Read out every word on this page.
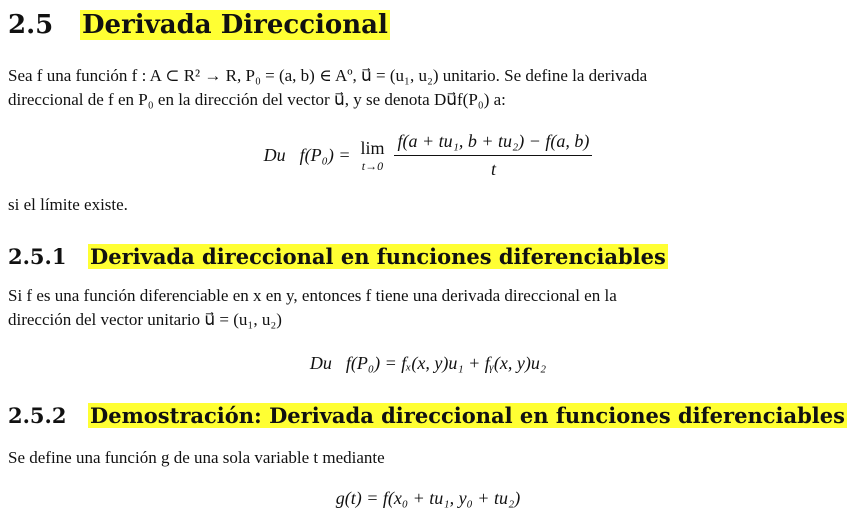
2.5 Derivada Direccional
Sea f una función f : A ⊂ R² → R, P₀ = (a, b) ∈ Aº, u⃗ = (u₁, u₂) unitario. Se define la derivada
direccional de f en P₀ en la dirección del vector u⃗, y se denota Du⃗f(P₀) a:
Du⃗f(P₀) = lim
$t\to 0 \frac{\text{f(a + tu₁, b + tu₂) − f(a, b)}}{t}$
si el límite existe.
2.5.1 Derivada direccional en funciones diferenciables
Si f es una función diferenciable en x en y, entonces f tiene una derivada direccional en la
dirección del vector unitario u⃗ = (u₁, u₂)
Du⃗f(P₀) = fₓ(x, y)u₁ + fᵧ(x, y)u₂
2.5.2 Demostración: Derivada direccional en funciones diferenciables
Se define una función g de una sola variable t mediante
g(t) = f(x₀ + tu₁, y₀ + tu₂)
